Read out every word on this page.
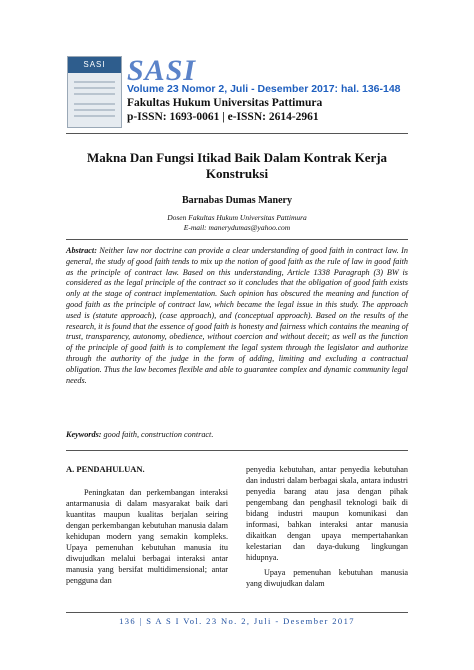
SASI SASI
Volume 23 Nomor 2, Juli - Desember 2017: hal. 136-148
Fakultas Hukum Universitas Pattimura
p-ISSN: 1693-0061 | e-ISSN: 2614-2961
Makna Dan Fungsi Itikad Baik Dalam Kontrak Kerja Konstruksi
Barnabas Dumas Manery
Dosen Fakultas Hukum Universitas Pattimura
E-mail: manerydumas@yahoo.com

Abstract: Neither law nor doctrine can provide a clear understanding of good faith in contract law. In general, the study of good faith tends to mix up the notion of good faith as the rule of law in good faith as the principle of contract law. Based on this understanding, Article 1338 Paragraph (3) BW is considered as the legal principle of the contract so it concludes that the obligation of good faith exists only at the stage of contract implementation. Such opinion has obscured the meaning and function of good faith as the principle of contract law, which became the legal issue in this study. The approach used is (statute approach), (case approach), and (conceptual approach). Based on the results of the research, it is found that the essence of good faith is honesty and fairness which contains the meaning of trust, transparency, autonomy, obedience, without coercion and without deceit; as well as the function of the principle of good faith is to complement the legal system through the legislator and authorize through the authority of the judge in the form of adding, limiting and excluding a contractual obligation. Thus the law becomes flexible and able to guarantee complex and dynamic community legal needs.

Keywords: good faith, construction contract.

A. PENDAHULUAN.

Peningkatan dan perkembangan interaksi antarmanusia di dalam masyarakat baik dari kuantitas maupun kualitas berjalan seiring dengan perkembangan kebutuhan manusia dalam kehidupan modern yang semakin kompleks. Upaya pemenuhan kebutuhan manusia itu diwujudkan melalui berbagai interaksi antar manusia yang bersifat multidimensional; antar pengguna dan

penyedia kebutuhan, antar penyedia kebutuhan dan industri dalam berbagai skala, antara industri penyedia barang atau jasa dengan pihak pengembang dan penghasil teknologi baik di bidang industri maupun komunikasi dan informasi, bahkan interaksi antar manusia dikaitkan dengan upaya mempertahankan kelestarian dan daya-dukung lingkungan hidupnya.

Upaya pemenuhan kebutuhan manusia yang diwujudkan dalam

136 | S A S I Vol. 23 No. 2, Juli - Desember 2017
